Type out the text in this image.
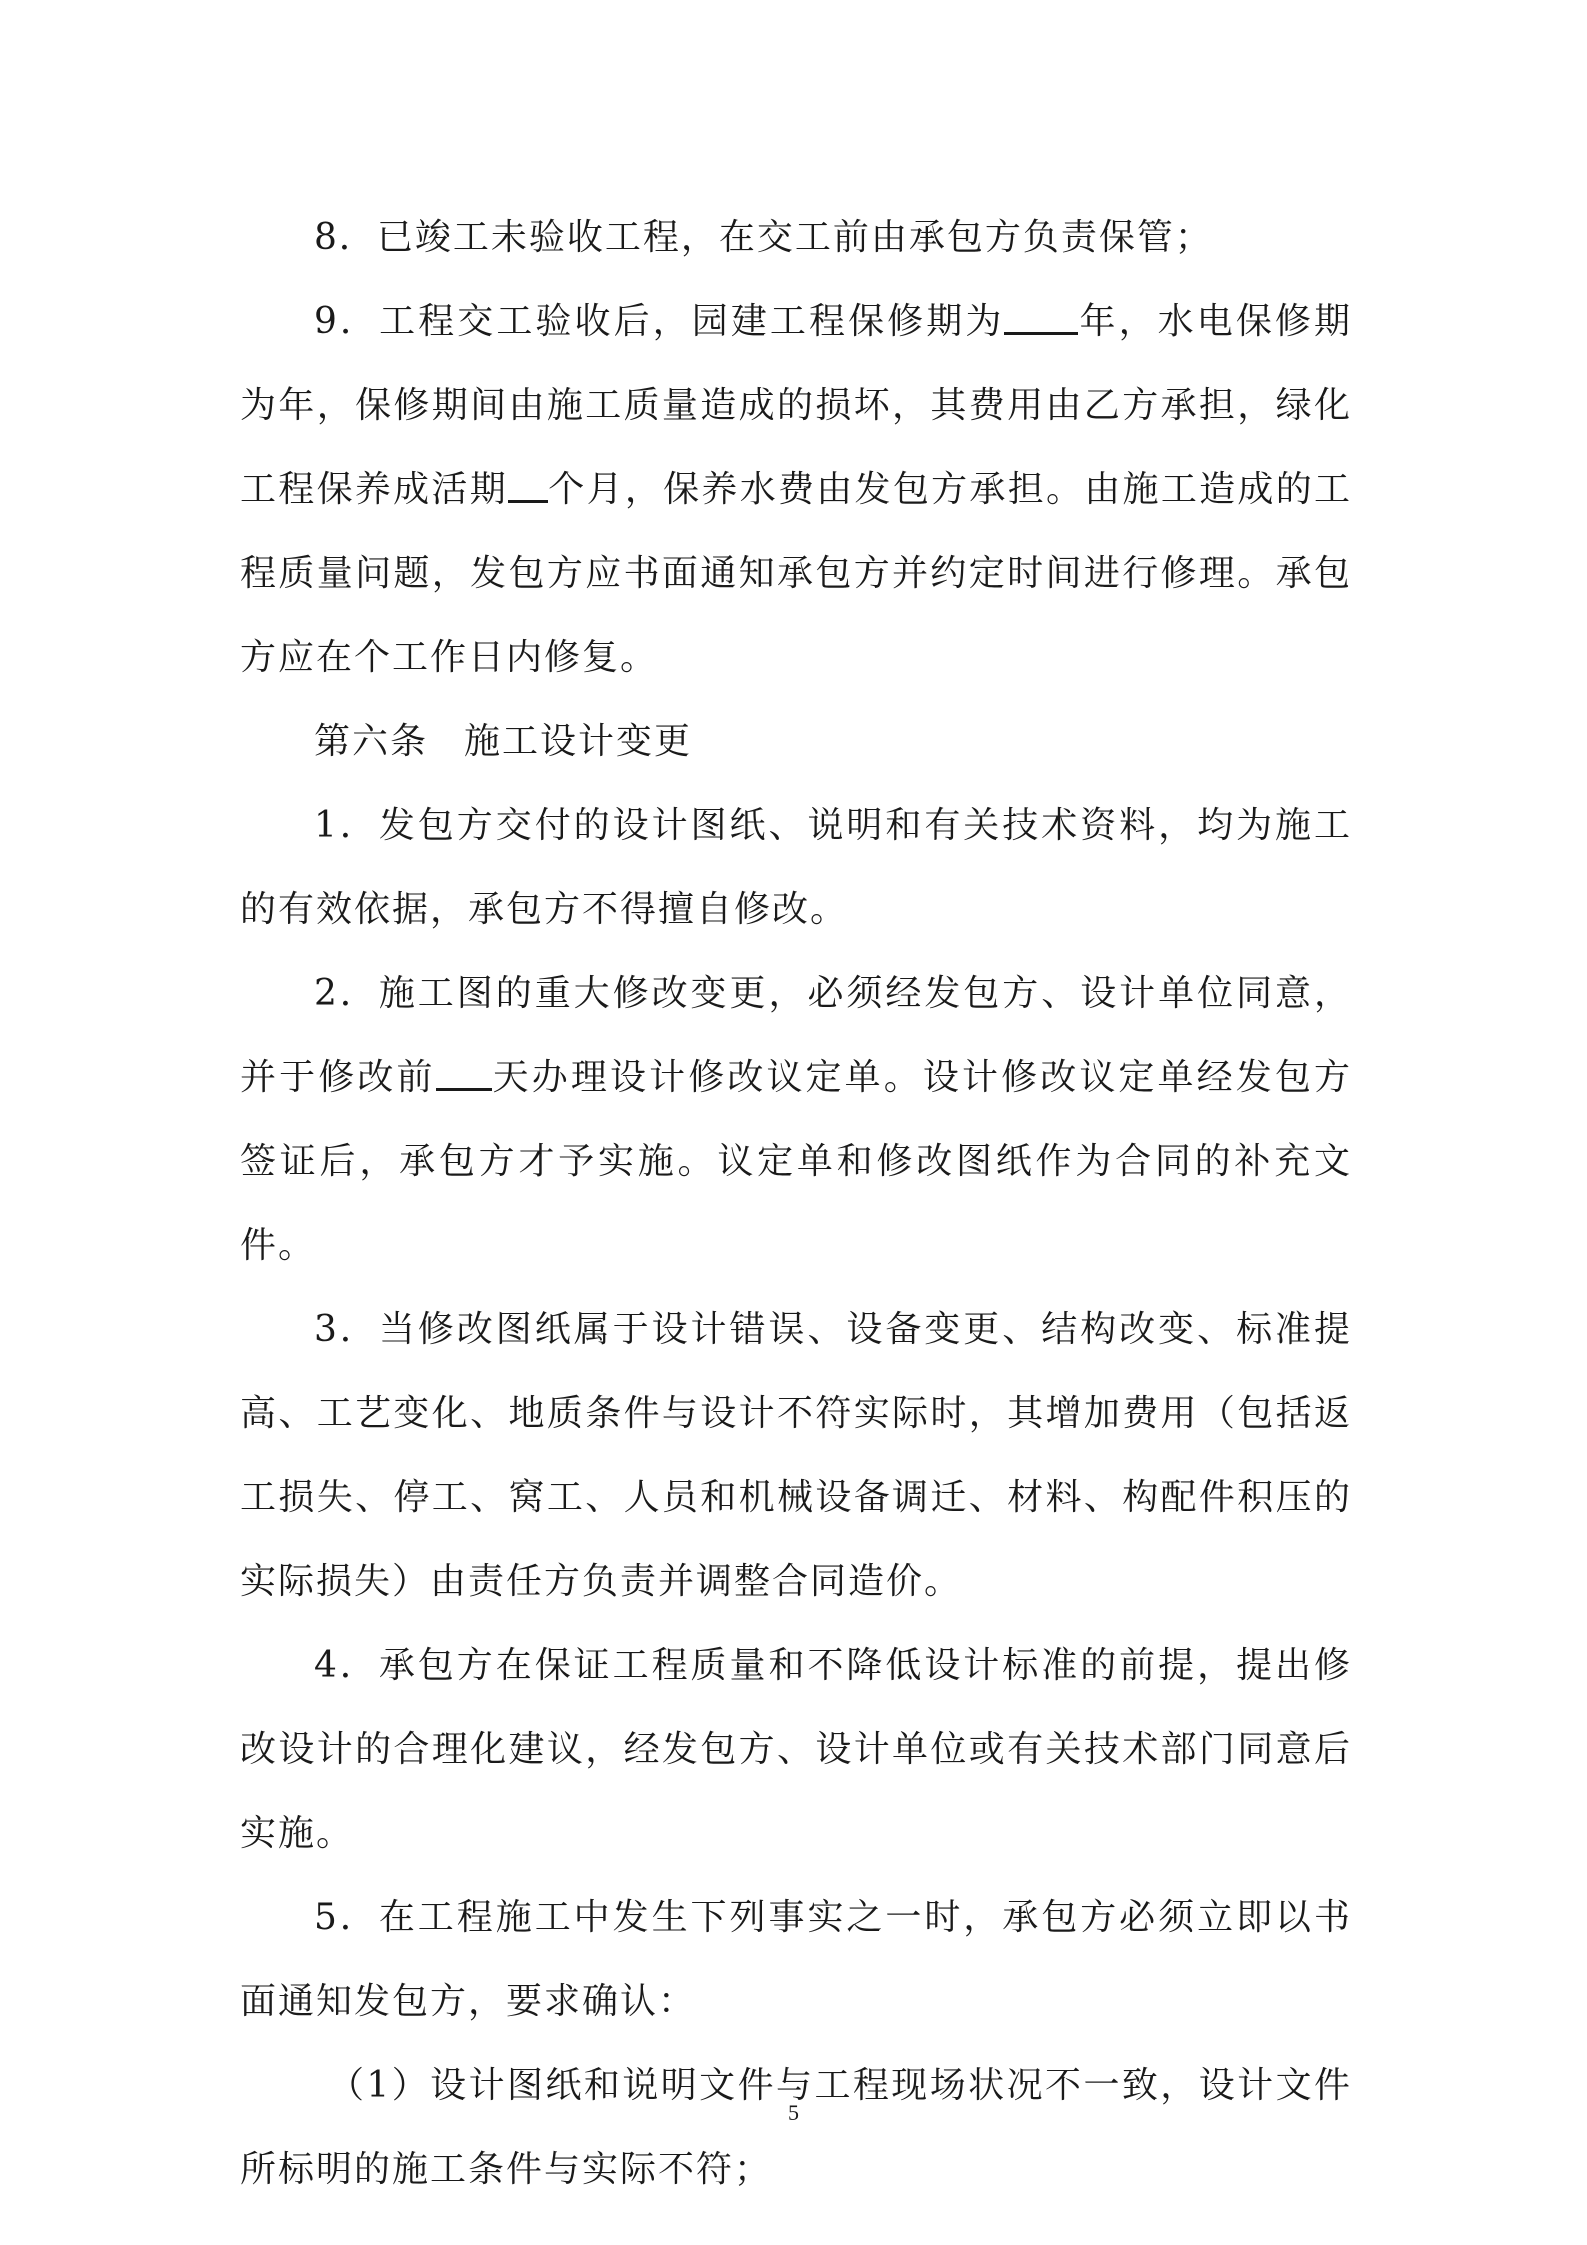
8．已竣工未验收工程，在交工前由承包方负责保管；

9．工程交工验收后，园建工程保修期为 年，水电保修期为年，保修期间由施工质量造成的损坏，其费用由乙方承担，绿化工程保养成活期 个月，保养水费由发包方承担。由施工造成的工程质量问题，发包方应书面通知承包方并约定时间进行修理。承包方应在个工作日内修复。

第六条 施工设计变更

1．发包方交付的设计图纸、说明和有关技术资料，均为施工的有效依据，承包方不得擅自修改。

2．施工图的重大修改变更，必须经发包方、设计单位同意，并于修改前 天办理设计修改议定单。设计修改议定单经发包方签证后，承包方才予实施。议定单和修改图纸作为合同的补充文件。

3．当修改图纸属于设计错误、设备变更、结构改变、标准提高、工艺变化、地质条件与设计不符实际时，其增加费用（包括返工损失、停工、窝工、人员和机械设备调迁、材料、构配件积压的实际损失）由责任方负责并调整合同造价。

4．承包方在保证工程质量和不降低设计标准的前提，提出修改设计的合理化建议，经发包方、设计单位或有关技术部门同意后实施。

5．在工程施工中发生下列事实之一时，承包方必须立即以书面通知发包方，要求确认：

（1）设计图纸和说明文件与工程现场状况不一致，设计文件所标明的施工条件与实际不符；

5
